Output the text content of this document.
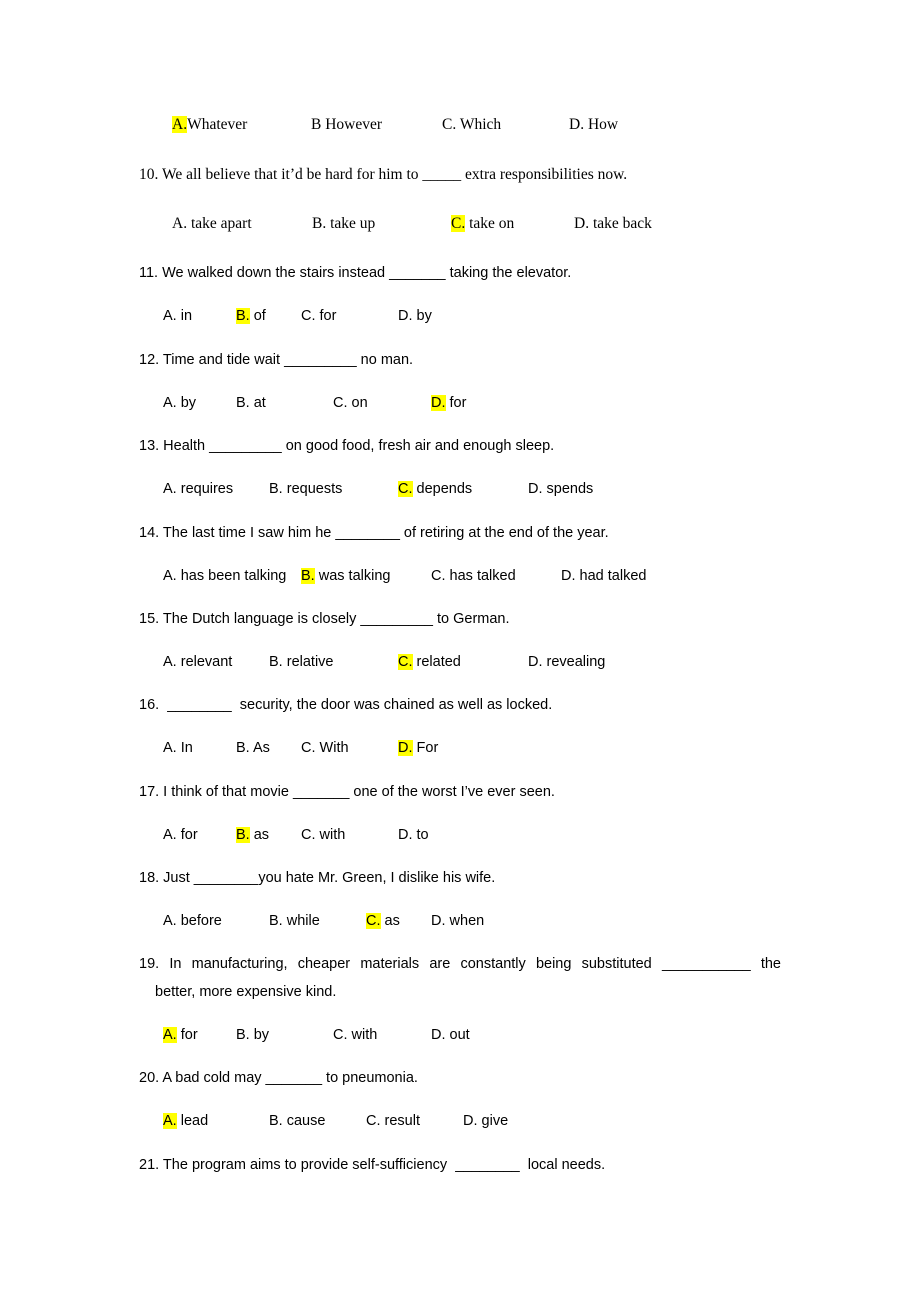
A.Whatever	B However	C. Which	D. How
10. We all believe that it’d be hard for him to _____ extra responsibilities now.
A. take apart	B. take up	C. take on	D. take back
11. We walked down the stairs instead _______ taking the elevator.
A. in	B. of C. for	D. by
12. Time and tide wait _________ no man.
A. by	B. at	C. on	D. for
13. Health _________ on good food, fresh air and enough sleep.
A. requires B. requests	C. depends	D. spends
14. The last time I saw him he ________ of retiring at the end of the year.
A. has been talking B. was talking	C. has talked	D. had talked
15. The Dutch language is closely _________ to German.
A. relevant	B. relative	C. related	D. revealing
16.  ________  security, the door was chained as well as locked.
A. In	B. As C. With	D. For
17. I think of that movie _______ one of the worst I’ve ever seen.
A. for	B. as C. with	D. to
18. Just ________you hate Mr. Green, I dislike his wife.
A. before	B. while	C. as D. when
19. In manufacturing, cheaper materials are constantly being substituted ___________ the
better, more expensive kind.
A. for	B. by	C. with	D. out
20. A bad cold may _______ to pneumonia.
A. lead	B. cause	C. result	D. give
21. The program aims to provide self-sufficiency  ________  local needs.
